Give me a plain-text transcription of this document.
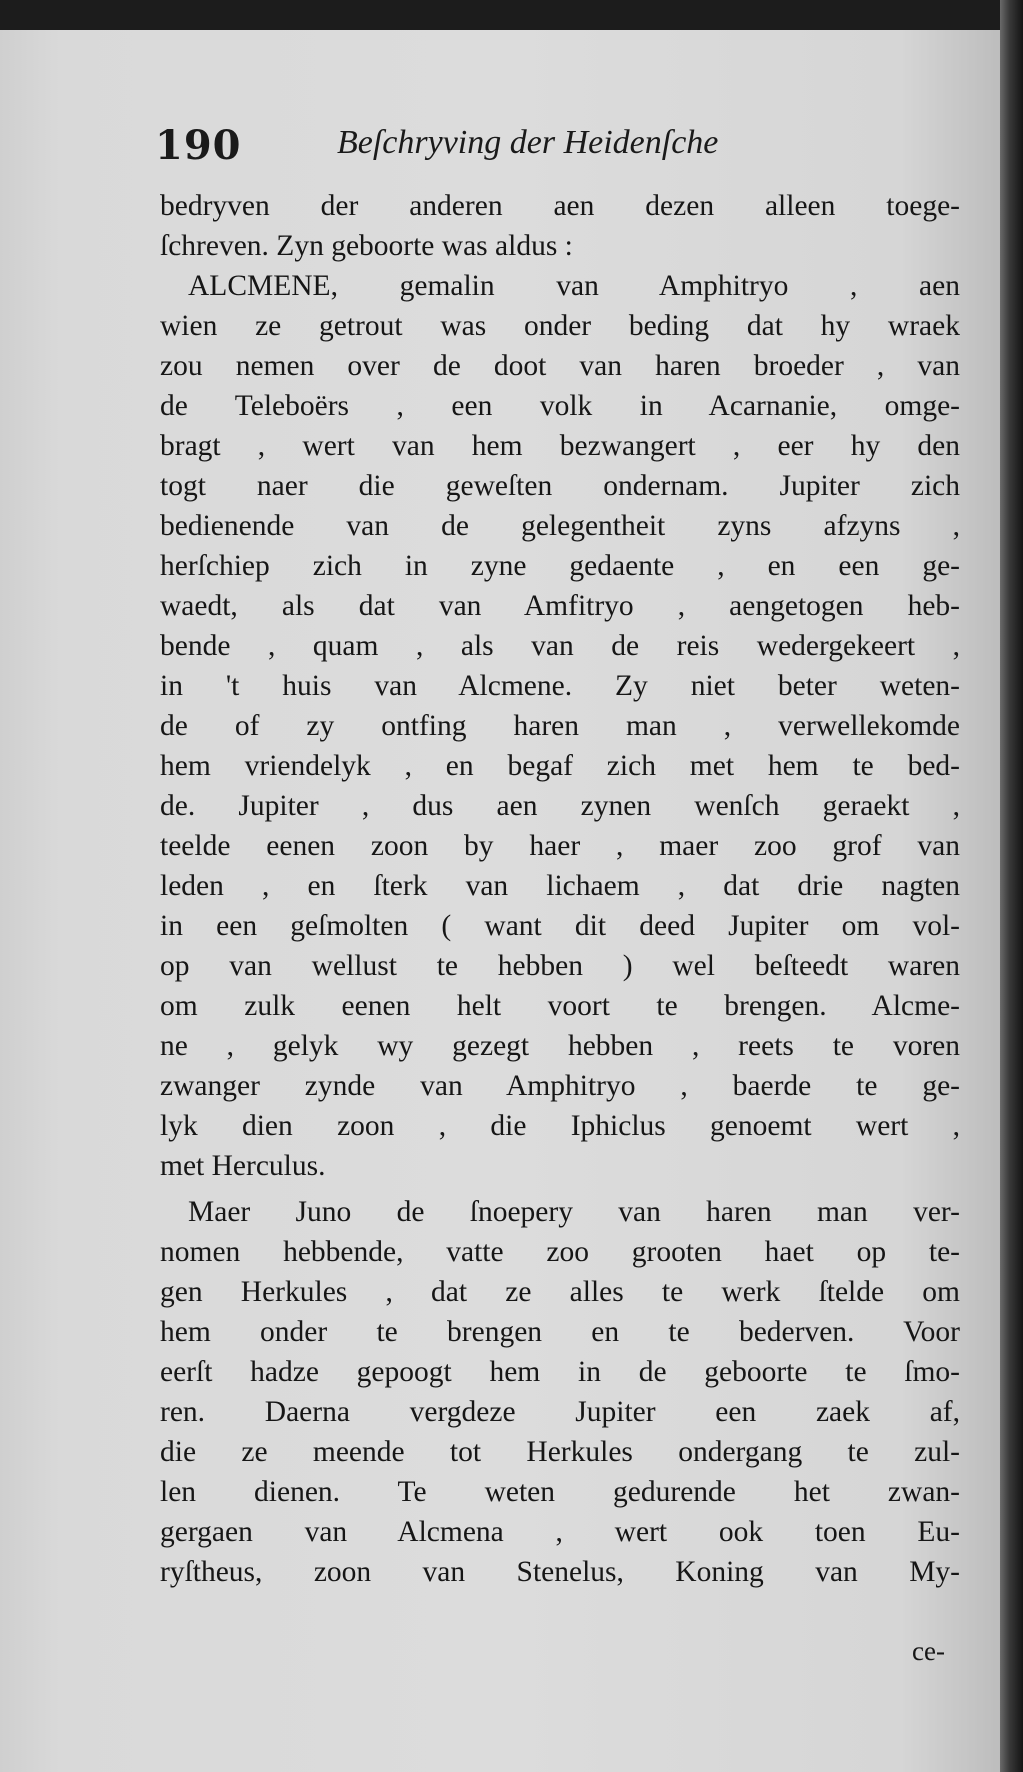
190	Beſchryving der Heidenſche
bedryven der anderen aen dezen alleen toege-
ſchreven. Zyn geboorte was aldus :
ALCMENE, gemalin van Amphitryo , aen
wien ze getrout was onder beding dat hy wraek
zou nemen over de doot van haren broeder , van
de Teleboërs , een volk in Acarnanie, omge-
bragt , wert van hem bezwangert , eer hy den
togt naer die geweſten ondernam. Jupiter zich
bedienende van de gelegentheit zyns afzyns ,
herſchiep zich in zyne gedaente , en een ge-
waedt, als dat van Amfitryo , aengetogen heb-
bende , quam , als van de reis wedergekeert ,
in 't huis van Alcmene. Zy niet beter weten-
de of zy ontfing haren man , verwellekomde
hem vriendelyk , en begaf zich met hem te bed-
de. Jupiter , dus aen zynen wenſch geraekt ,
teelde eenen zoon by haer , maer zoo grof van
leden , en ſterk van lichaem , dat drie nagten
in een geſmolten ( want dit deed Jupiter om vol-
op van wellust te hebben ) wel beſteedt waren
om zulk eenen helt voort te brengen. Alcme-
ne , gelyk wy gezegt hebben , reets te voren
zwanger zynde van Amphitryo , baerde te ge-
lyk dien zoon , die Iphiclus genoemt wert ,
met Herculus.
Maer Juno de ſnoepery van haren man ver-
nomen hebbende, vatte zoo grooten haet op te-
gen Herkules , dat ze alles te werk ſtelde om
hem onder te brengen en te bederven. Voor
eerſt hadze gepoogt hem in de geboorte te ſmo-
ren. Daerna vergdeze Jupiter een zaek af,
die ze meende tot Herkules ondergang te zul-
len dienen. Te weten gedurende het zwan-
gergaen van Alcmena , wert ook toen Eu-
ryſtheus, zoon van Stenelus, Koning van My-
ce-
